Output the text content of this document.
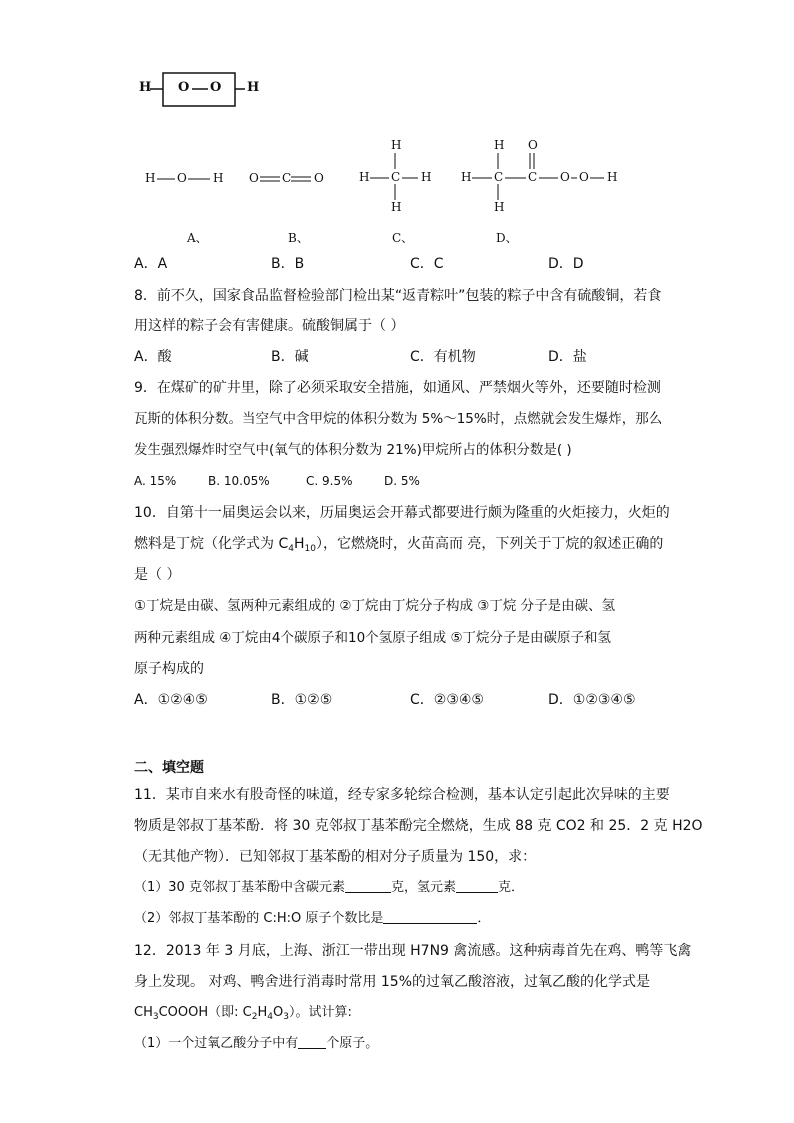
H O O H
H O H
A、
O C O
B、
H
H C H
H
C、
H
H C
O
C O O H
H
D、
A．A	B．B	C．C	D．D
8．前不久，国家食品监督检验部门检出某“返青粽叶”包装的粽子中含有硫酸铜，若食
用这样的粽子会有害健康。硫酸铜属于（ ）
A．酸	B．碱	C．有机物	D．盐
9．在煤矿的矿井里，除了必须采取安全措施，如通风、严禁烟火等外，还要随时检测
瓦斯的体积分数。当空气中含甲烷的体积分数为 5%～15%时，点燃就会发生爆炸，那么
发生强烈爆炸时空气中(氧气的体积分数为 21%)甲烷所占的体积分数是( )
A. 15%	B. 10.05%	C. 9.5%	D. 5%
10．自第十一届奥运会以来，历届奥运会开幕式都要进行颇为隆重的火炬接力，火炬的
燃料是丁烷（化学式为 $C_4H_{10}$），它燃烧时，火苗高而 亮，下列关于丁烷的叙述正确的
是（ ）
①丁烷是由碳、氢两种元素组成的 ②丁烷由丁烷分子构成 ③丁烷 分子是由碳、氢
两种元素组成 ④丁烷由4个碳原子和10个氢原子组成 ⑤丁烷分子是由碳原子和氢
原子构成的
A．①②④⑤	B．①②⑤	C．②③④⑤	D．①②③④⑤
二、填空题
11．某市自来水有股奇怪的味道，经专家多轮综合检测，基本认定引起此次异味的主要
物质是邻叔丁基苯酚．将 30 克邻叔丁基苯酚完全燃烧，生成 88 克 CO2 和 25．2 克 H2O
（无其他产物）．已知邻叔丁基苯酚的相对分子质量为 150，求：
（1）30 克邻叔丁基苯酚中含碳元素	克，氢元素	克．
（2）邻叔丁基苯酚的 C:H:O 原子个数比是	．
12．2013 年 3 月底，上海、浙江一带出现 H7N9 禽流感。这种病毒首先在鸡、鸭等飞禽
身上发现。 对鸡、鸭舍进行消毒时常用 15%的过氧乙酸溶液，过氧乙酸的化学式是
$CH_3COOOH$（即: $C_2H_4O_3$）。试计算:
（1）一个过氧乙酸分子中有 个原子。
